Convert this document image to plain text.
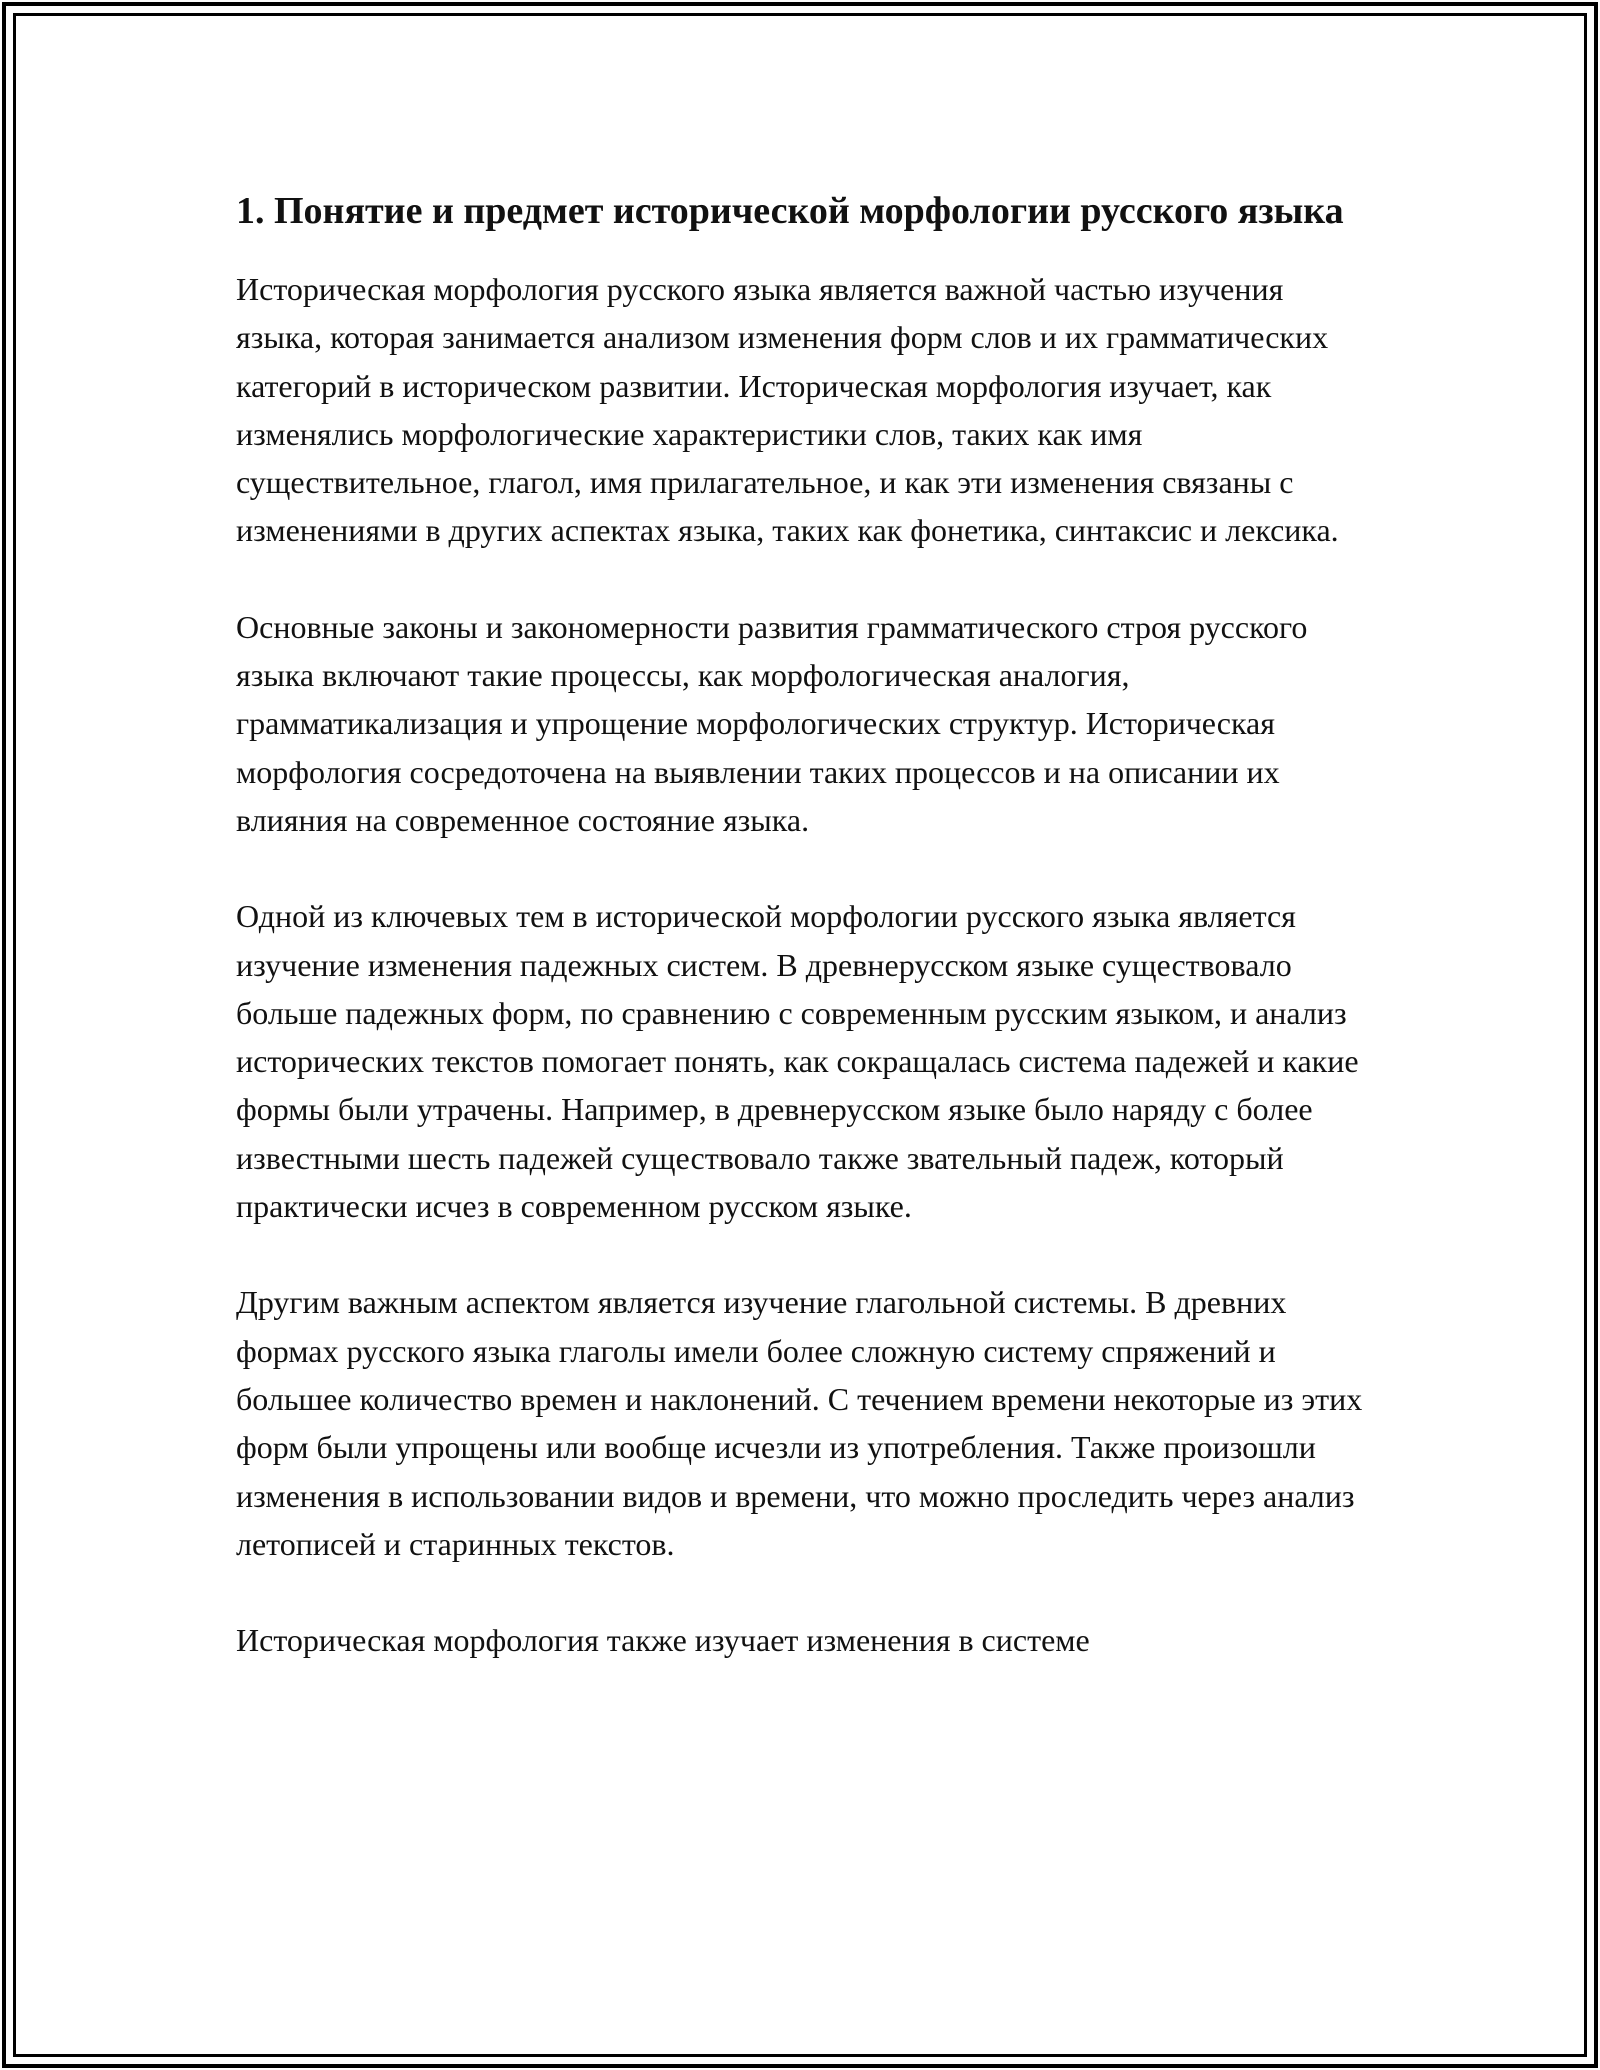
1. Понятие и предмет исторической морфологии русского языка

Историческая морфология русского языка является важной частью изучения языка, которая занимается анализом изменения форм слов и их грамматических категорий в историческом развитии. Историческая морфология изучает, как изменялись морфологические характеристики слов, таких как имя существительное, глагол, имя прилагательное, и как эти изменения связаны с изменениями в других аспектах языка, таких как фонетика, синтаксис и лексика.

Основные законы и закономерности развития грамматического строя русского языка включают такие процессы, как морфологическая аналогия, грамматикализация и упрощение морфологических структур. Историческая морфология сосредоточена на выявлении таких процессов и на описании их влияния на современное состояние языка.

Одной из ключевых тем в исторической морфологии русского языка является изучение изменения падежных систем. В древнерусском языке существовало больше падежных форм, по сравнению с современным русским языком, и анализ исторических текстов помогает понять, как сокращалась система падежей и какие формы были утрачены. Например, в древнерусском языке было наряду с более известными шесть падежей существовало также звательный падеж, который практически исчез в современном русском языке.

Другим важным аспектом является изучение глагольной системы. В древних формах русского языка глаголы имели более сложную систему спряжений и большее количество времен и наклонений. С течением времени некоторые из этих форм были упрощены или вообще исчезли из употребления. Также произошли изменения в использовании видов и времени, что можно проследить через анализ летописей и старинных текстов.

Историческая морфология также изучает изменения в системе
